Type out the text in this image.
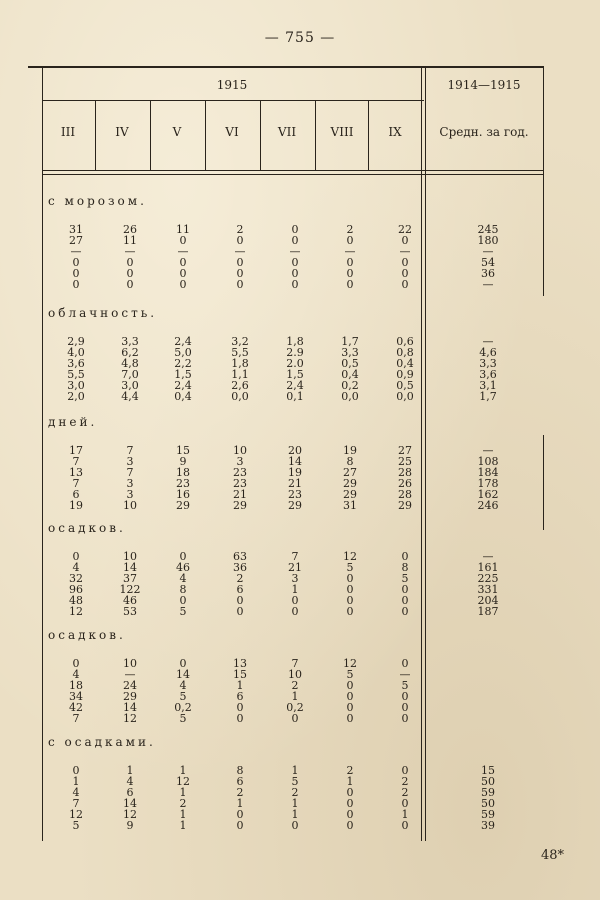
— 755 —
1915	1914—1915
III	IV	V	VI	VII	VIII	IX	Средн. за год.
с морозом.
31	26	11	2	0	2	22	245
27	11	0	0	0	0	0	180
—	—	—	—	—	—	—	—
0	0	0	0	0	0	0	54
0	0	0	0	0	0	0	36
0	0	0	0	0	0	0	—
облачность.
2,9	3,3	2,4	3,2	1,8	1,7	0,6	—
4,0	6,2	5,0	5,5	2.9	3,3	0,8	4,6
3,6	4,8	2,2	1,8	2.0	0,5	0,4	3,3
5,5	7,0	1,5	1,1	1,5	0,4	0,9	3,6
3,0	3,0	2,4	2,6	2,4	0,2	0,5	3,1
2,0	4,4	0,4	0,0	0,1	0,0	0,0	1,7
дней.
17	7	15	10	20	19	27	—
7	3	9	3	14	8	25	108
13	7	18	23	19	27	28	184
7	3	23	23	21	29	26	178
6	3	16	21	23	29	28	162
19	10	29	29	29	31	29	246
осадков.
0	10	0	63	7	12	0	—
4	14	46	36	21	5	8	161
32	37	4	2	3	0	5	225
96	122	8	6	1	0	0	331
48	46	0	0	0	0	0	204
12	53	5	0	0	0	0	187
осадков.
0	10	0	13	7	12	0
4	—	14	15	10	5	—
18	24	4	1	2	0	5
34	29	5	6	1	0	0
42	14	0,2	0	0,2	0	0
7	12	5	0	0	0	0
с осадками.
0	1	1	8	1	2	0	15
1	4	12	6	5	1	2	50
4	6	1	2	2	0	2	59
7	14	2	1	1	0	0	50
12	12	1	0	1	0	1	59
5	9	1	0	0	0	0	39
48*
